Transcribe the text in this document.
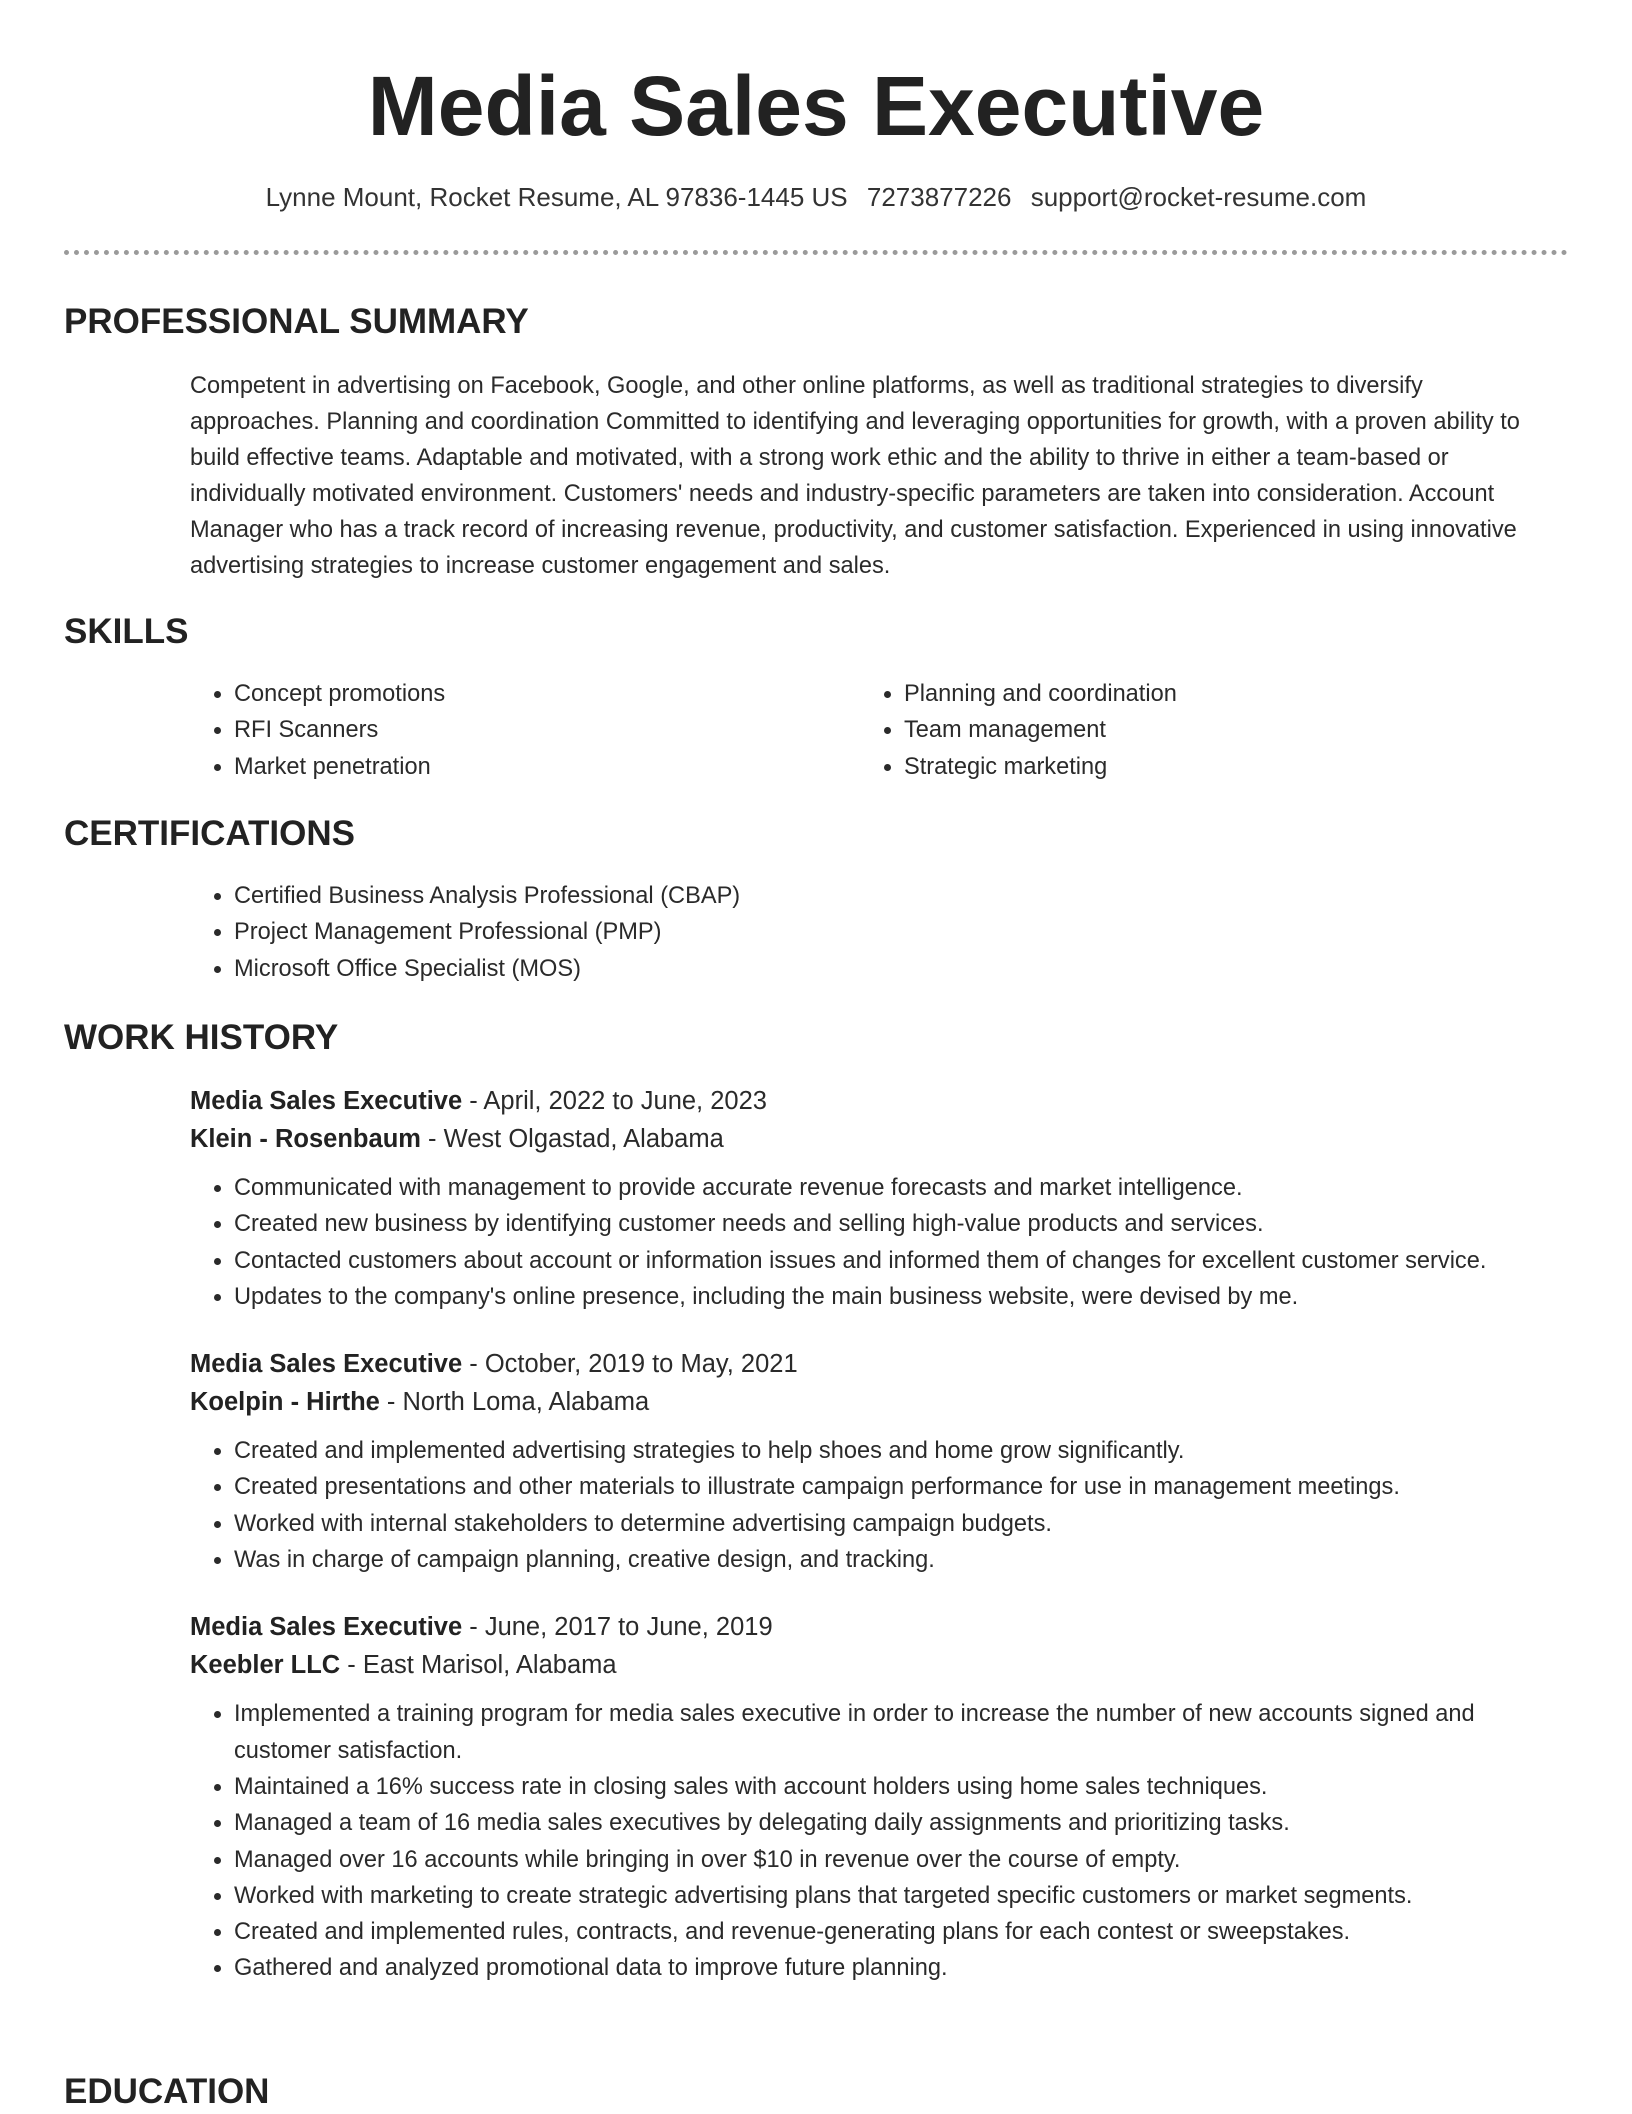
Media Sales Executive
Lynne Mount, Rocket Resume, AL 97836-1445 US 7273877226 support@rocket-resume.com
PROFESSIONAL SUMMARY
Competent in advertising on Facebook, Google, and other online platforms, as well as traditional strategies to diversify approaches. Planning and coordination Committed to identifying and leveraging opportunities for growth, with a proven ability to build effective teams. Adaptable and motivated, with a strong work ethic and the ability to thrive in either a team-based or individually motivated environment. Customers' needs and industry-specific parameters are taken into consideration. Account Manager who has a track record of increasing revenue, productivity, and customer satisfaction. Experienced in using innovative advertising strategies to increase customer engagement and sales.
SKILLS
• Concept promotions
• RFI Scanners
• Market penetration
• Planning and coordination
• Team management
• Strategic marketing
CERTIFICATIONS
• Certified Business Analysis Professional (CBAP)
• Project Management Professional (PMP)
• Microsoft Office Specialist (MOS)
WORK HISTORY
Media Sales Executive - April, 2022 to June, 2023
Klein - Rosenbaum - West Olgastad, Alabama
• Communicated with management to provide accurate revenue forecasts and market intelligence.
• Created new business by identifying customer needs and selling high-value products and services.
• Contacted customers about account or information issues and informed them of changes for excellent customer service.
• Updates to the company's online presence, including the main business website, were devised by me.
Media Sales Executive - October, 2019 to May, 2021
Koelpin - Hirthe - North Loma, Alabama
• Created and implemented advertising strategies to help shoes and home grow significantly.
• Created presentations and other materials to illustrate campaign performance for use in management meetings.
• Worked with internal stakeholders to determine advertising campaign budgets.
• Was in charge of campaign planning, creative design, and tracking.
Media Sales Executive - June, 2017 to June, 2019
Keebler LLC - East Marisol, Alabama
• Implemented a training program for media sales executive in order to increase the number of new accounts signed and customer satisfaction.
• Maintained a 16% success rate in closing sales with account holders using home sales techniques.
• Managed a team of 16 media sales executives by delegating daily assignments and prioritizing tasks.
• Managed over 16 accounts while bringing in over $10 in revenue over the course of empty.
• Worked with marketing to create strategic advertising plans that targeted specific customers or market segments.
• Created and implemented rules, contracts, and revenue-generating plans for each contest or sweepstakes.
• Gathered and analyzed promotional data to improve future planning.
EDUCATION
